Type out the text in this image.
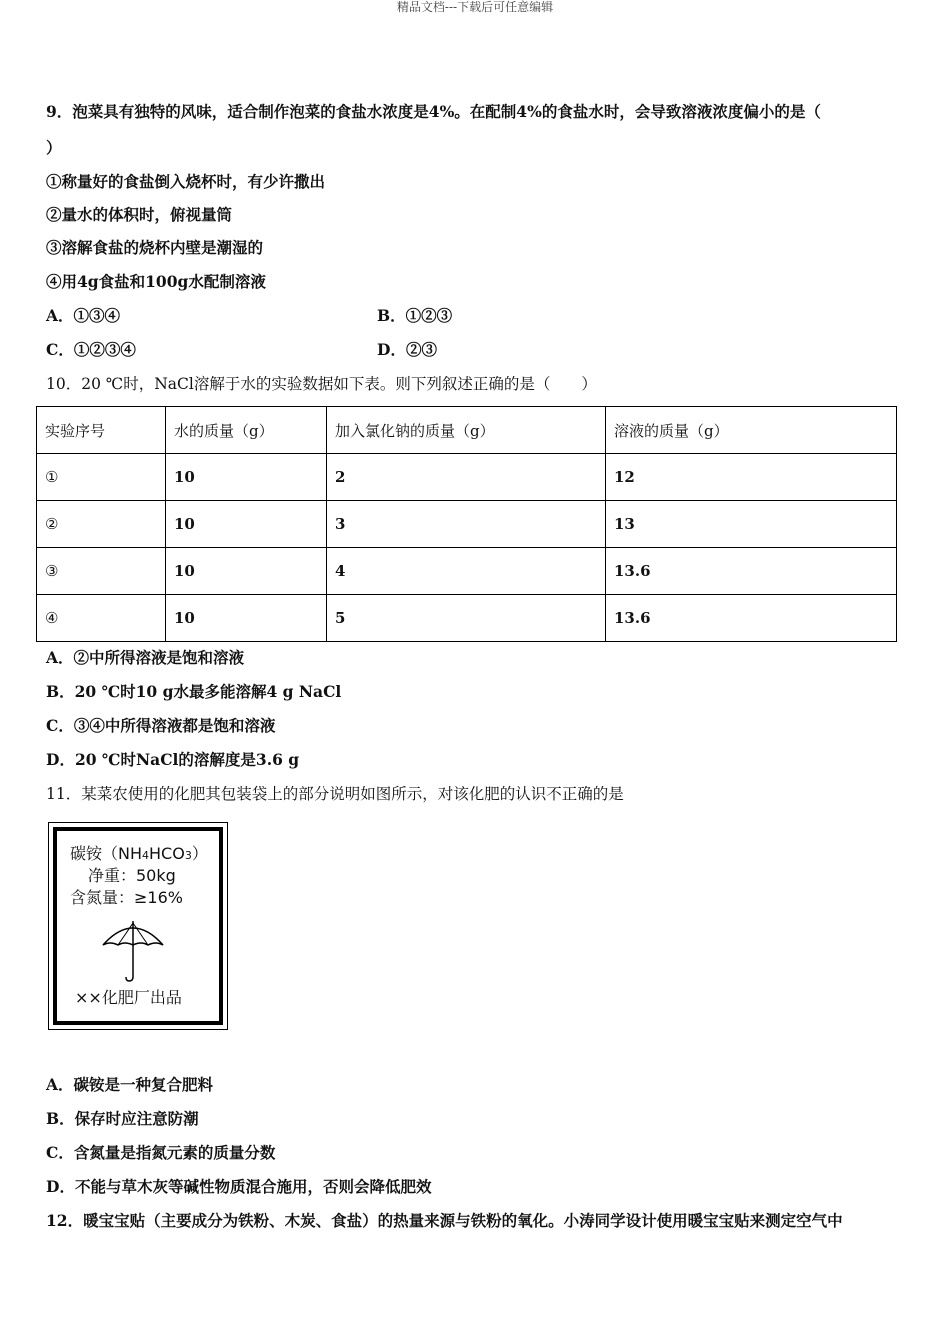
精品文档---下载后可任意编辑
9．泡菜具有独特的风味，适合制作泡菜的食盐水浓度是4%。在配制4%的食盐水时，会导致溶液浓度偏小的是（
）
①称量好的食盐倒入烧杯时，有少许撒出
②量水的体积时，俯视量筒
③溶解食盐的烧杯内壁是潮湿的
④用4g食盐和100g水配制溶液
A．①③④	B．①②③
C．①②③④	D．②③
10．20 ℃时，NaCl溶解于水的实验数据如下表。则下列叙述正确的是（　　）
实验序号	水的质量（g）	加入氯化钠的质量（g）	溶液的质量（g）
①	10	2	12
②	10	3	13
③	10	4	13.6
④	10	5	13.6
A．②中所得溶液是饱和溶液
B．20 ℃时10 g水最多能溶解4 g NaCl
C．③④中所得溶液都是饱和溶液
D．20 ℃时NaCl的溶解度是3.6 g
11．某菜农使用的化肥其包装袋上的部分说明如图所示，对该化肥的认识不正确的是
碳铵（NH4HCO3）
净重：50kg
含氮量：≥16%
××化肥厂出品
A．碳铵是一种复合肥料
B．保存时应注意防潮
C．含氮量是指氮元素的质量分数
D．不能与草木灰等碱性物质混合施用，否则会降低肥效
12．暖宝宝贴（主要成分为铁粉、木炭、食盐）的热量来源与铁粉的氧化。小涛同学设计使用暖宝宝贴来测定空气中
